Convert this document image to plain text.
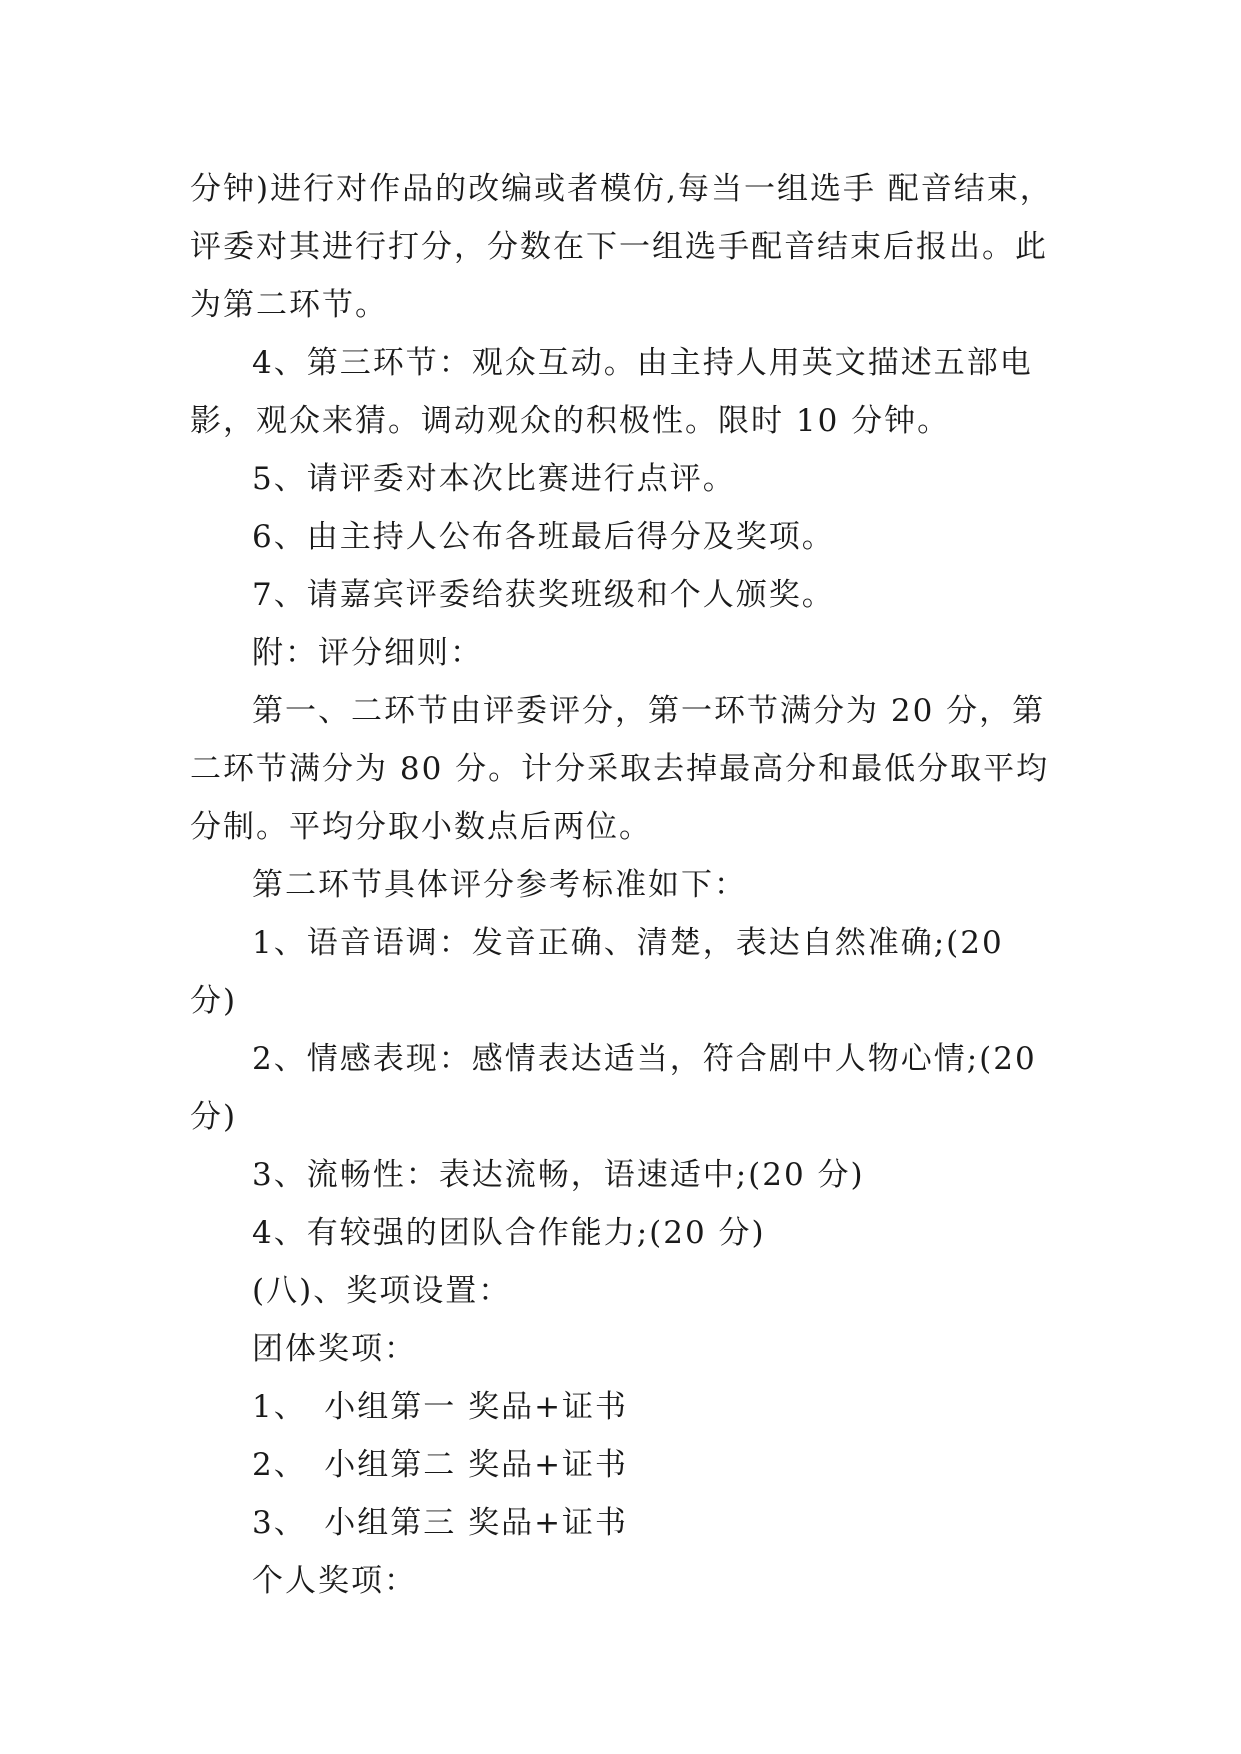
分钟)进行对作品的改编或者模仿,每当一组选手 配音结束，评委对其进行打分，分数在下一组选手配音结束后报出。此为第二环节。

4、第三环节：观众互动。由主持人用英文描述五部电影，观众来猜。调动观众的积极性。限时 10 分钟。

5、请评委对本次比赛进行点评。

6、由主持人公布各班最后得分及奖项。

7、请嘉宾评委给获奖班级和个人颁奖。

附：评分细则：

第一、二环节由评委评分，第一环节满分为 20 分，第二环节满分为 80 分。计分采取去掉最高分和最低分取平均分制。平均分取小数点后两位。

第二环节具体评分参考标准如下：

1、语音语调：发音正确、清楚，表达自然准确;(20 分)

2、情感表现：感情表达适当，符合剧中人物心情;(20 分)

3、流畅性：表达流畅，语速适中;(20 分)

4、有较强的团队合作能力;(20 分)

(八)、奖项设置：

团体奖项：

1、　小组第一 奖品+证书

2、　小组第二 奖品+证书

3、　小组第三 奖品+证书

个人奖项：
